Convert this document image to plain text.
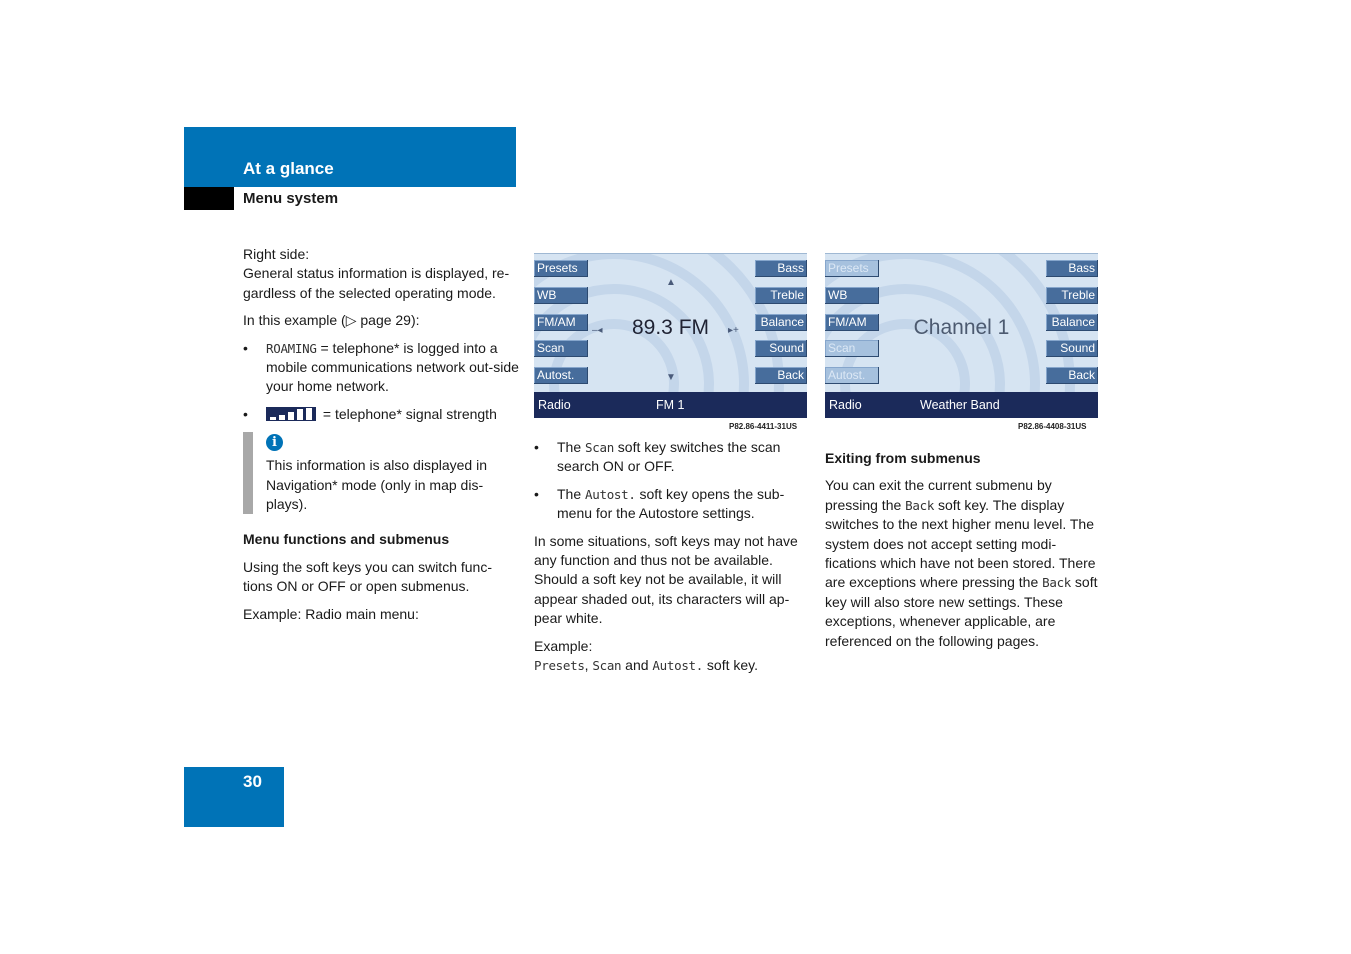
At a glance
Menu system

Right side:
General status information is displayed, re-gardless of the selected operating mode.

In this example (▷ page 29):

• ROAMING = telephone* is logged into a mobile communications network out-side your home network.
•	= telephone* signal strength
i
This information is also displayed in Navigation* mode (only in map dis-plays).
Menu functions and submenus

Using the soft keys you can switch func-tions ON or OFF or open submenus.

Example: Radio main menu:

Presets
WB
FM/AM
Scan
Autost.
Bass
Treble
Balance
Sound
Back
▲
▼
–◂	▸+
89.3 FM
Radio	FM 1
P82.86-4411-31US
Presets
WB
FM/AM
Scan
Autost.
Bass
Treble
Balance
Sound
Back
Channel 1
Radio	Weather Band
P82.86-4408-31US
• The Scan soft key switches the scan search ON or OFF.
• The Autost. soft key opens the sub-menu for the Autostore settings.

In some situations, soft keys may not have any function and thus not be available. Should a soft key not be available, it will appear shaded out, its characters will ap-pear white.

Example:
Presets, Scan and Autost. soft key.

Exiting from submenus

You can exit the current submenu by pressing the Back soft key. The display switches to the next higher menu level. The system does not accept setting modi-fications which have not been stored. There are exceptions where pressing the Back soft key will also store new settings. These exceptions, whenever applicable, are referenced on the following pages.

30
